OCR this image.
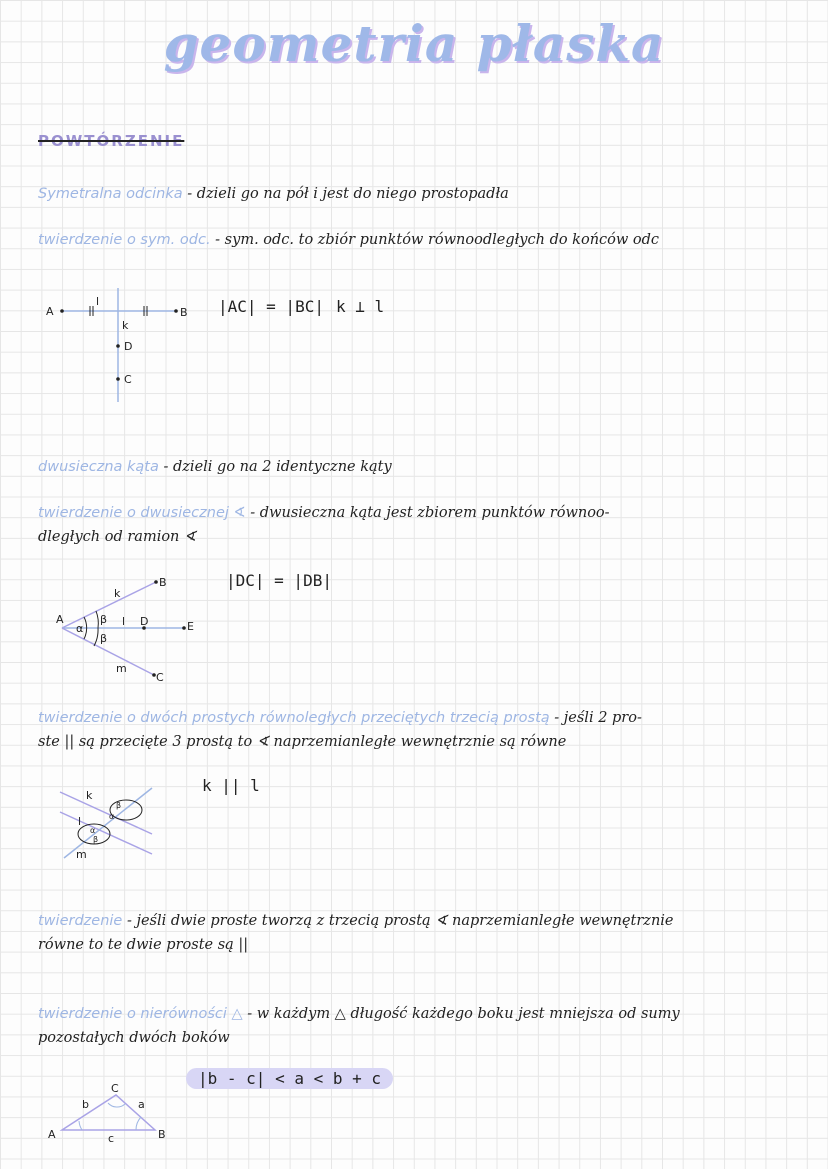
geometria płaska
POWTÓRZENIE
Symetralna odcinka - dzieli go na pół i jest do niego prostopadła
twierdzenie o sym. odc. - sym. odc. to zbiór punktów równoodległych do końców odc
A	B
l
k
D
C
|AC| = |BC| k ⊥ l
dwusieczna kąta - dzieli go na 2 identyczne kąty
twierdzenie o dwusiecznej ∢ - dwusieczna kąta jest zbiorem punktów równoo-
dległych od ramion ∢
A
B
C
D	E
k
l
m
α
β
β
|DC| = |DB|
twierdzenie o dwóch prostych równoległych przeciętych trzecią prostą - jeśli 2 pro-
ste || są przecięte 3 prostą to ∢ naprzemianległe wewnętrznie są równe
k
l
m
α
β
α
β
k || l
twierdzenie - jeśli dwie proste tworzą z trzecią prostą ∢ naprzemianległe wewnętrznie
równe to te dwie proste są ||
twierdzenie o nierówności △ - w każdym △ długość każdego boku jest mniejsza od sumy
pozostałych dwóch boków
A	B
C
a
b
c
|b - c| < a < b + c
